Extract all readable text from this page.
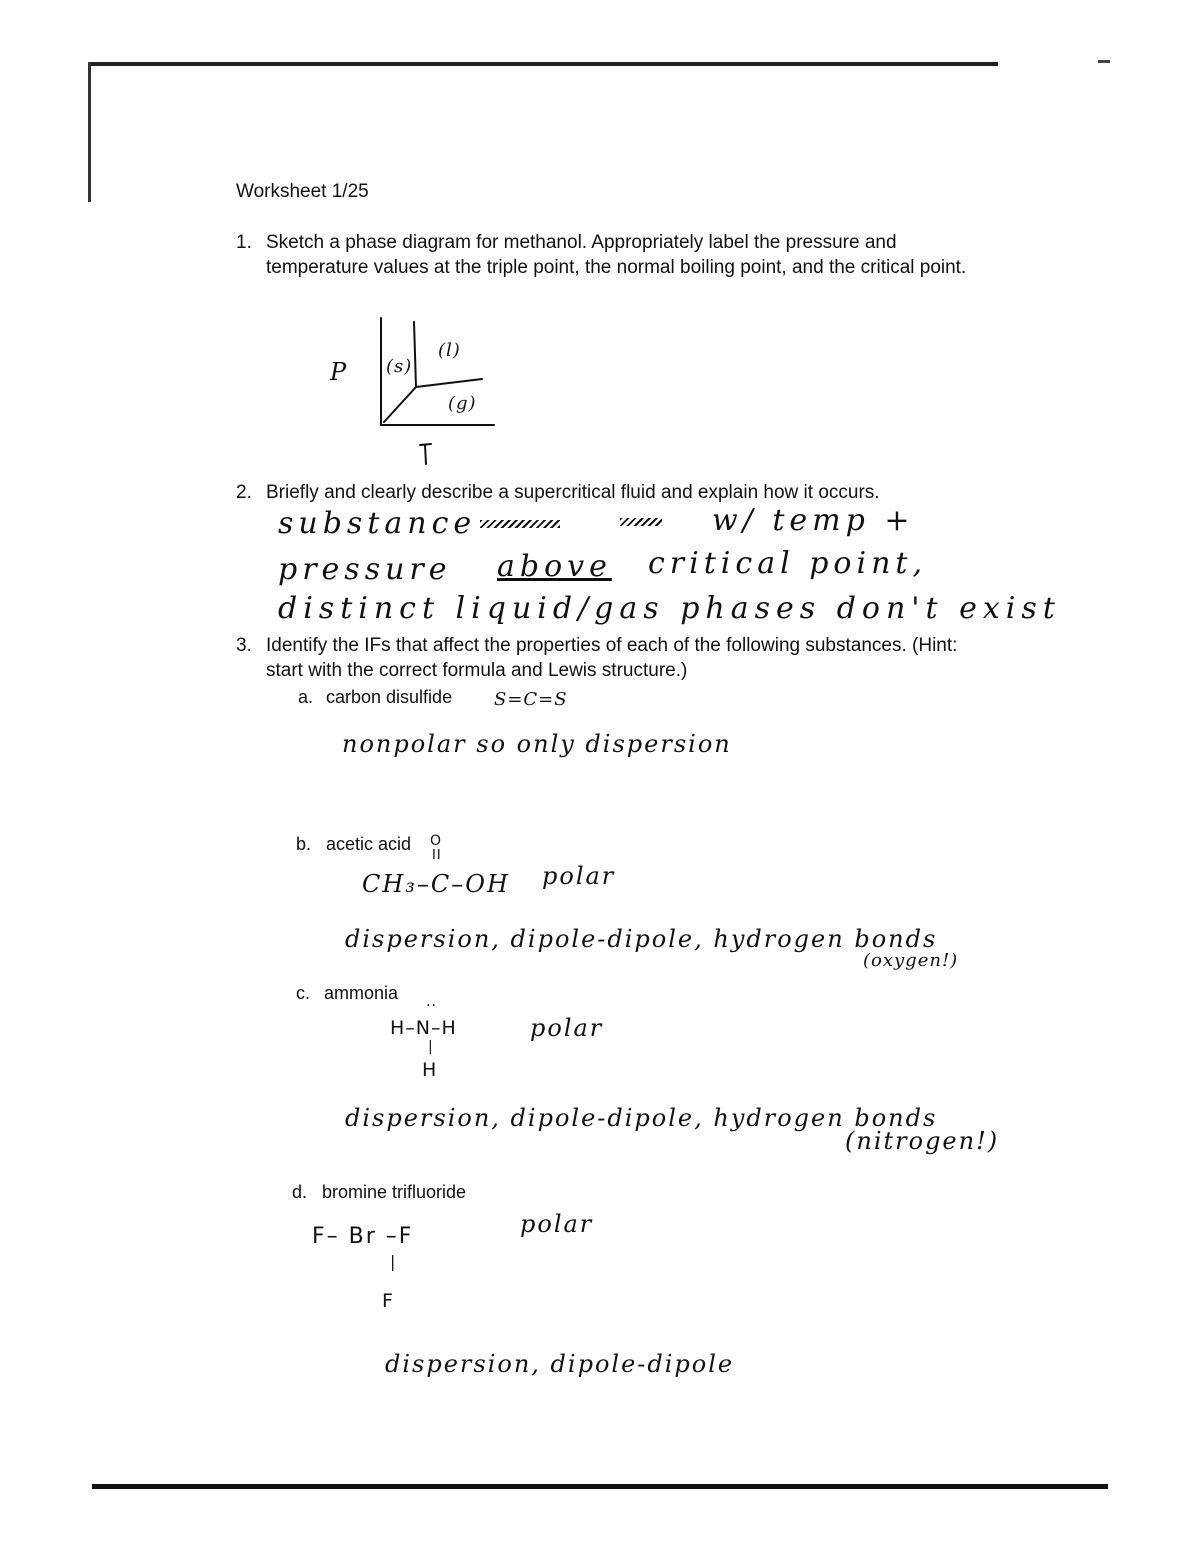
Worksheet 1/25
1. Sketch a phase diagram for methanol. Appropriately label the pressure and temperature values at the triple point, the normal boiling point, and the critical point.
P (s)
(l)
(g)
2. Briefly and clearly describe a supercritical fluid and explain how it occurs.
substance	w/ temp +
pressure above critical point,
distinct liquid/gas phases don't exist
3. Identify the IFs that affect the properties of each of the following substances. (Hint: start with the correct formula and Lewis structure.)
a. carbon disulfide S=C=S
nonpolar so only dispersion
b. acetic acid O
II
CH₃–C–OH polar
dispersion, dipole-dipole, hydrogen bonds
(oxygen!)
c. ammonia
··
H–N–H
|
H
polar
dispersion, dipole-dipole, hydrogen bonds
(nitrogen!)
d. bromine trifluoride
F– Br –F
|
F
polar
dispersion, dipole-dipole
